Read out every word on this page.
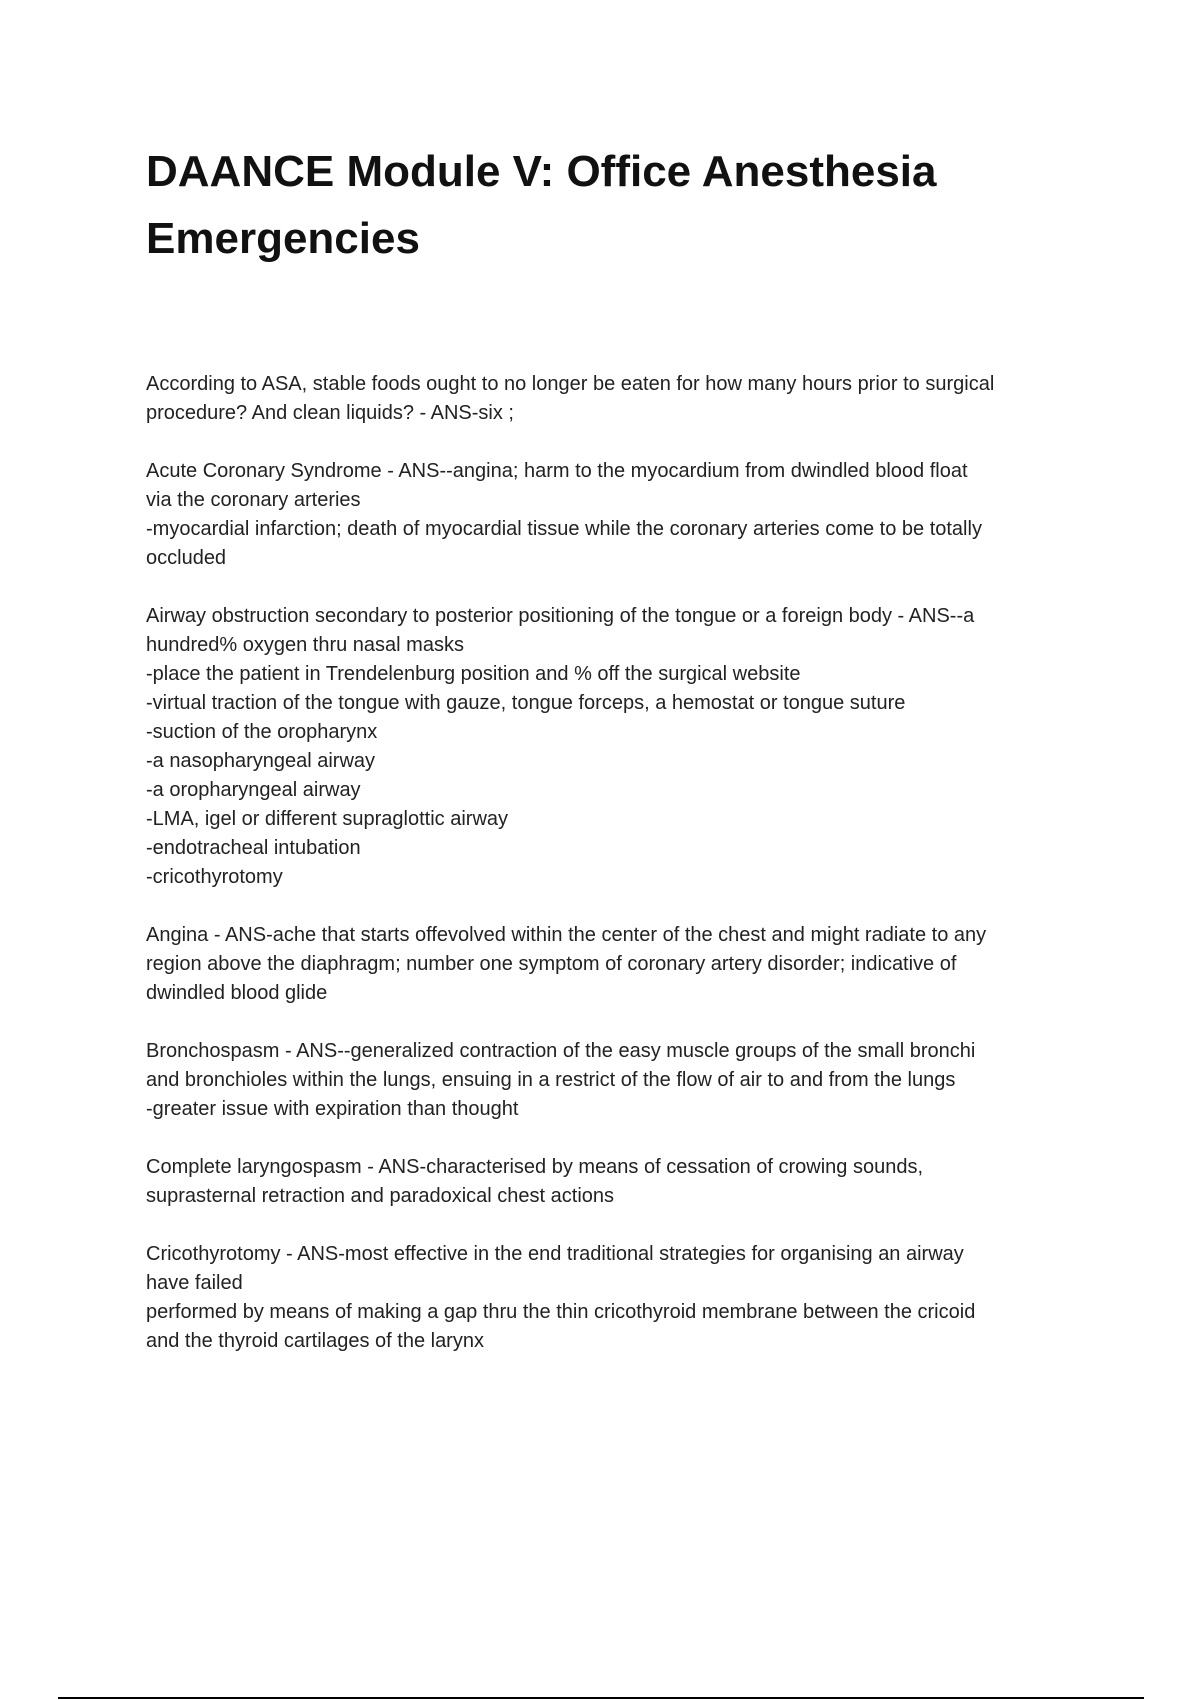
DAANCE Module V: Office Anesthesia
Emergencies
According to ASA, stable foods ought to no longer be eaten for how many hours prior to surgical
procedure? And clean liquids? - ANS-six ;
Acute Coronary Syndrome - ANS--angina; harm to the myocardium from dwindled blood float
via the coronary arteries
-myocardial infarction; death of myocardial tissue while the coronary arteries come to be totally
occluded
Airway obstruction secondary to posterior positioning of the tongue or a foreign body - ANS--a
hundred% oxygen thru nasal masks
-place the patient in Trendelenburg position and % off the surgical website
-virtual traction of the tongue with gauze, tongue forceps, a hemostat or tongue suture
-suction of the oropharynx
-a nasopharyngeal airway
-a oropharyngeal airway
-LMA, igel or different supraglottic airway
-endotracheal intubation
-cricothyrotomy
Angina - ANS-ache that starts offevolved within the center of the chest and might radiate to any
region above the diaphragm; number one symptom of coronary artery disorder; indicative of
dwindled blood glide
Bronchospasm - ANS--generalized contraction of the easy muscle groups of the small bronchi
and bronchioles within the lungs, ensuing in a restrict of the flow of air to and from the lungs
-greater issue with expiration than thought
Complete laryngospasm - ANS-characterised by means of cessation of crowing sounds,
suprasternal retraction and paradoxical chest actions
Cricothyrotomy - ANS-most effective in the end traditional strategies for organising an airway
have failed
performed by means of making a gap thru the thin cricothyroid membrane between the cricoid
and the thyroid cartilages of the larynx
